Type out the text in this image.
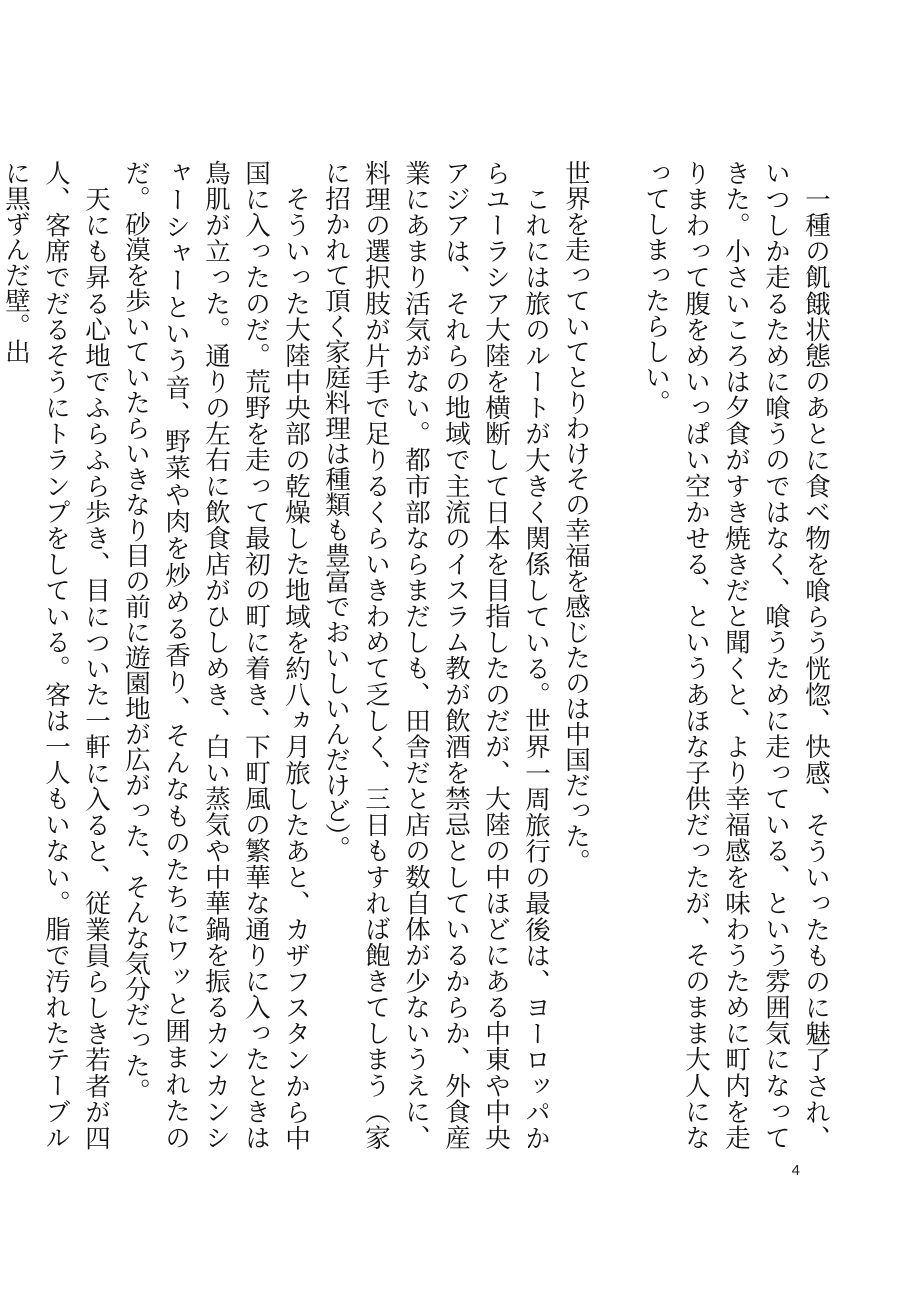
一種の飢餓状態のあとに食べ物を喰らう恍惚、快感、そういったものに魅了され、いつしか走るために喰うのではなく、喰うために走っている、という雰囲気になってきた。小さいころは夕食がすき焼きだと聞くと、より幸福感を味わうために町内を走りまわって腹をめいっぱい空かせる、というあほな子供だったが、そのまま大人になってしまったらしい。

世界を走っていてとりわけその幸福を感じたのは中国だった。

これには旅のルートが大きく関係している。世界一周旅行の最後は、ヨーロッパからユーラシア大陸を横断して日本を目指したのだが、大陸の中ほどにある中東や中央アジアは、それらの地域で主流のイスラム教が飲酒を禁忌としているからか、外食産業にあまり活気がない。都市部ならまだしも、田舎だと店の数自体が少ないうえに、料理の選択肢が片手で足りるくらいきわめて乏しく、三日もすれば飽きてしまう（家に招かれて頂く家庭料理は種類も豊富でおいしいんだけど）。

そういった大陸中央部の乾燥した地域を約八ヵ月旅したあと、カザフスタンから中国に入ったのだ。荒野を走って最初の町に着き、下町風の繁華な通りに入ったときは鳥肌が立った。通りの左右に飲食店がひしめき、白い蒸気や中華鍋を振るカンカンシャーシャーという音、野菜や肉を炒める香り、そんなものたちにワッと囲まれたのだ。砂漠を歩いていたらいきなり目の前に遊園地が広がった、そんな気分だった。

天にも昇る心地でふらふら歩き、目についた一軒に入ると、従業員らしき若者が四人、客席でだるそうにトランプをしている。客は一人もいない。脂で汚れたテーブルに黒ずんだ壁。出

4
